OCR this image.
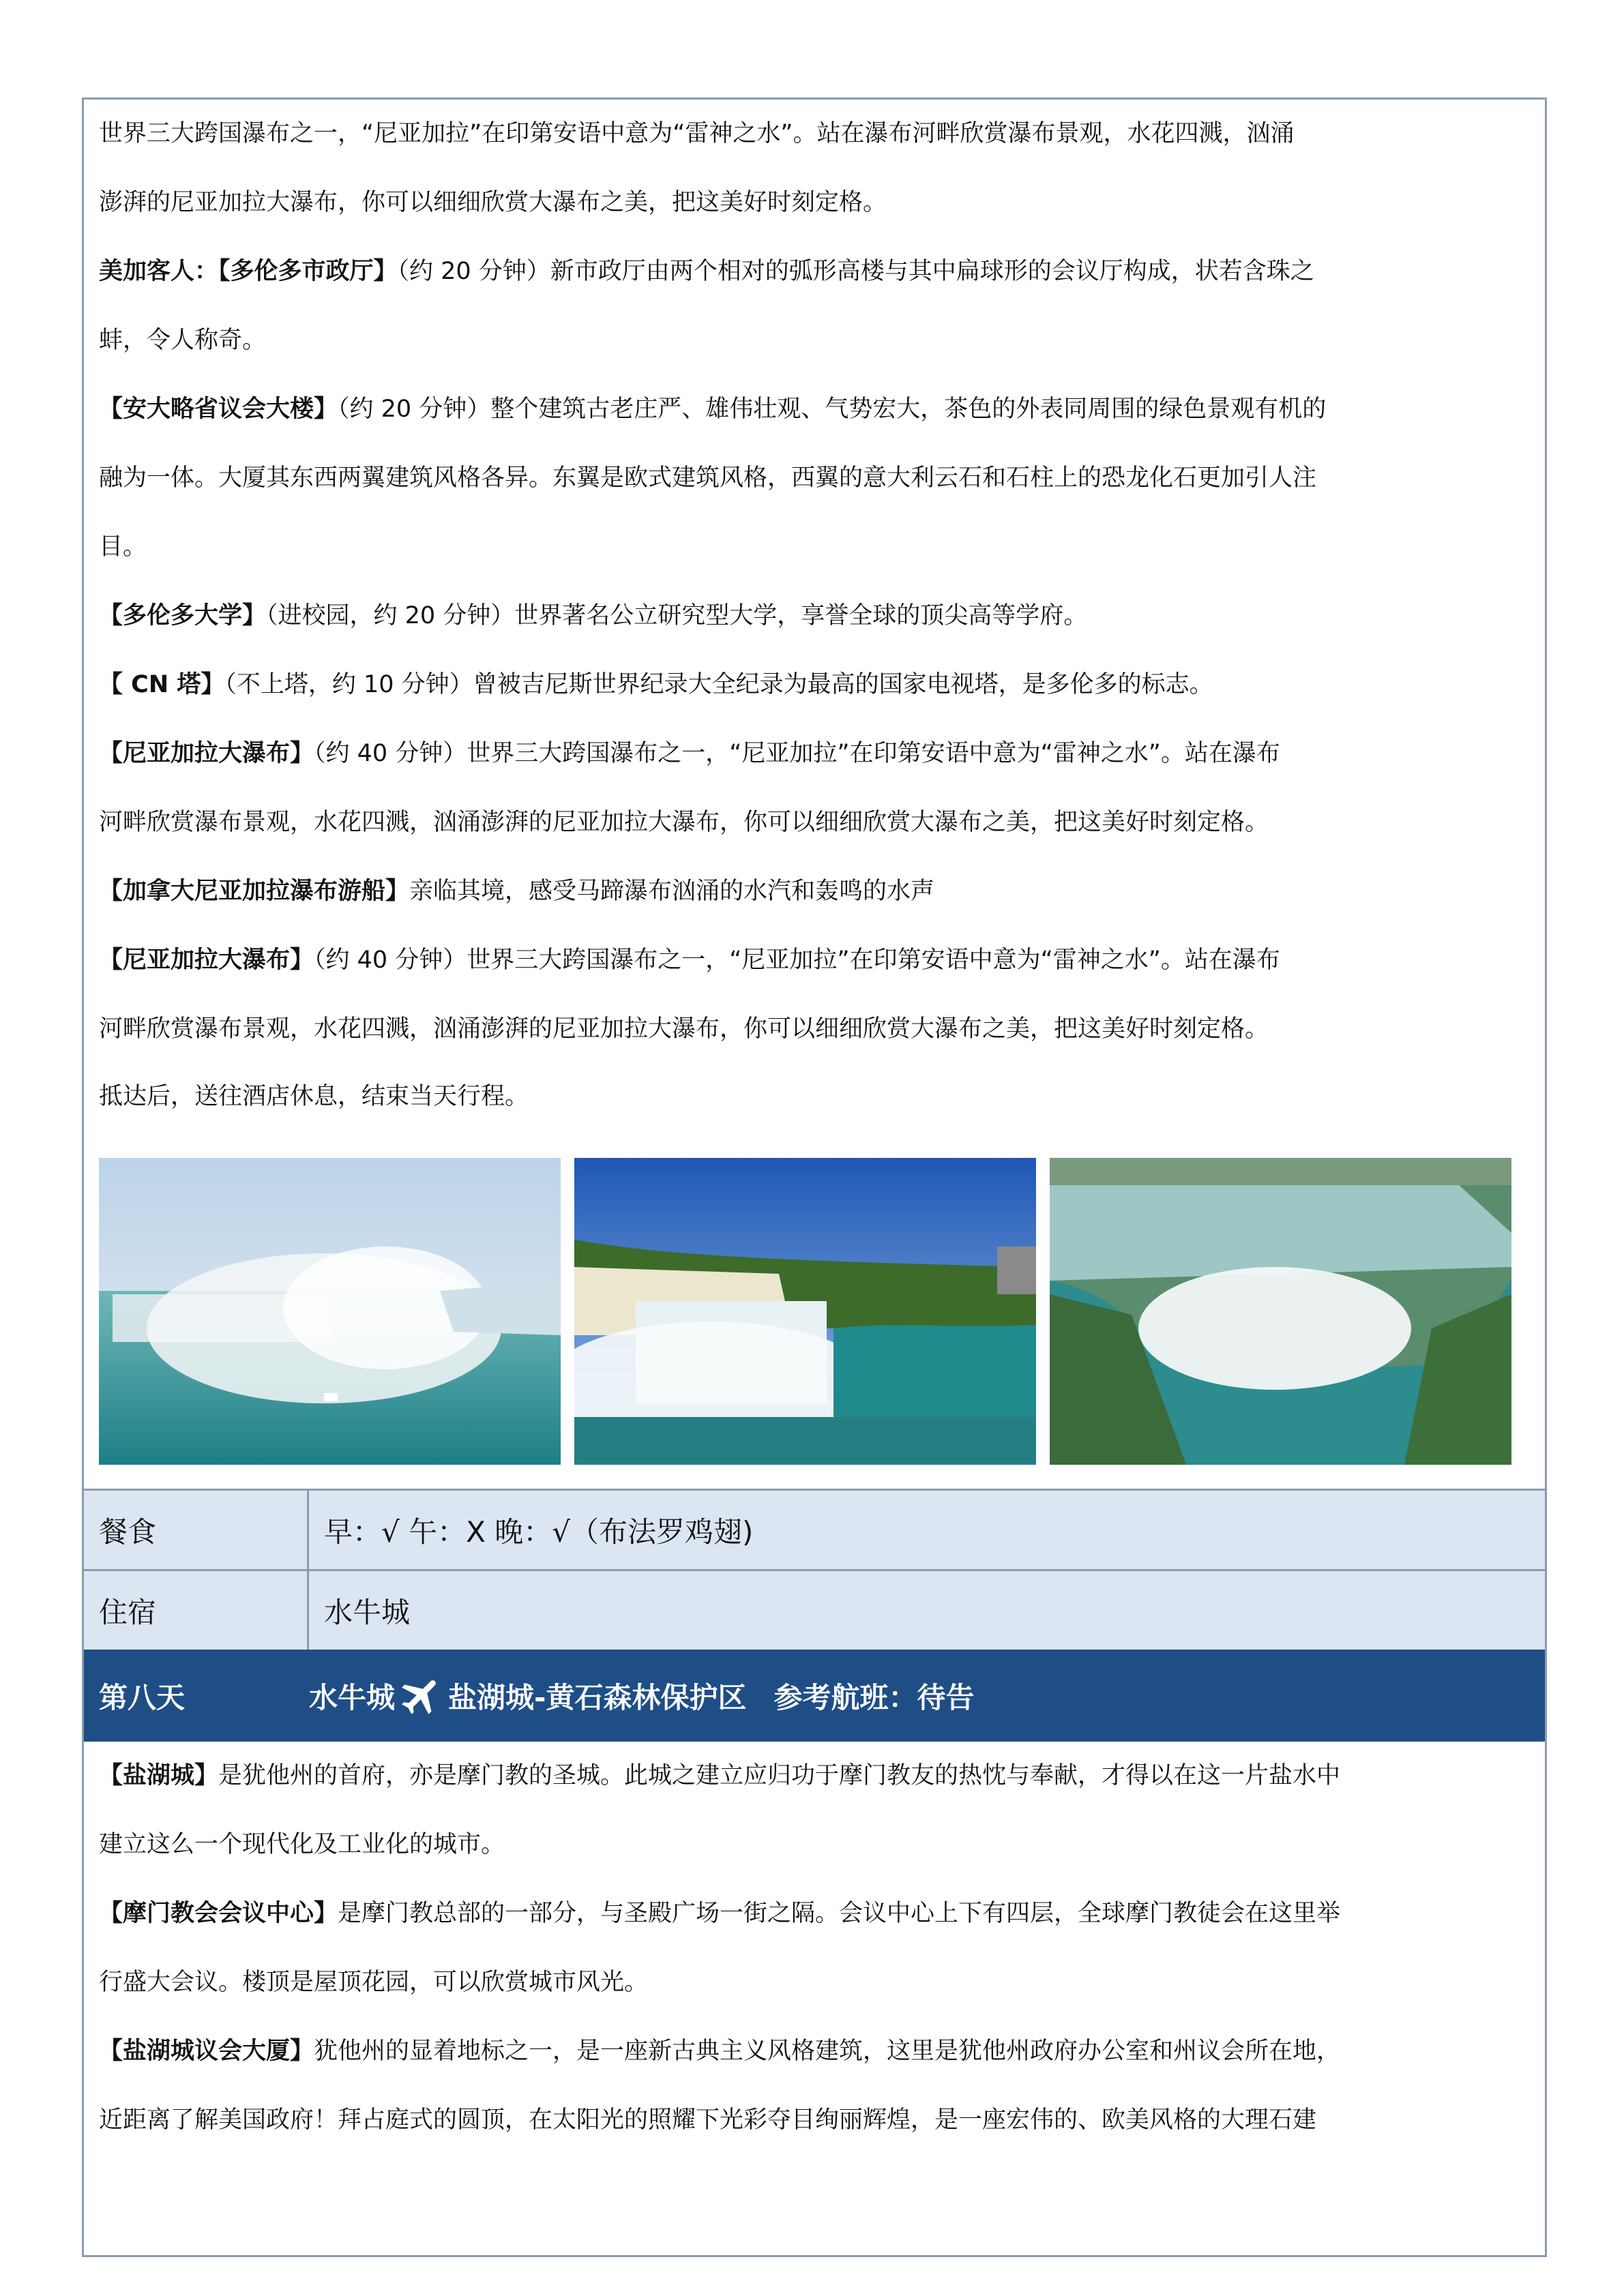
世界三大跨国瀑布之一，“尼亚加拉”在印第安语中意为“雷神之水”。站在瀑布河畔欣赏瀑布景观，水花四溅，汹涌

澎湃的尼亚加拉大瀑布，你可以细细欣赏大瀑布之美，把这美好时刻定格。

美加客人：【多伦多市政厅】（约 20 分钟）新市政厅由两个相对的弧形高楼与其中扁球形的会议厅构成，状若含珠之

蚌，令人称奇。

【安大略省议会大楼】（约 20 分钟）整个建筑古老庄严、雄伟壮观、气势宏大，茶色的外表同周围的绿色景观有机的

融为一体。大厦其东西两翼建筑风格各异。东翼是欧式建筑风格，西翼的意大利云石和石柱上的恐龙化石更加引人注

目。

【多伦多大学】（进校园，约 20 分钟）世界著名公立研究型大学，享誉全球的顶尖高等学府。

【 CN 塔】（不上塔，约 10 分钟）曾被吉尼斯世界纪录大全纪录为最高的国家电视塔，是多伦多的标志。

【尼亚加拉大瀑布】（约 40 分钟）世界三大跨国瀑布之一，“尼亚加拉”在印第安语中意为“雷神之水”。站在瀑布

河畔欣赏瀑布景观，水花四溅，汹涌澎湃的尼亚加拉大瀑布，你可以细细欣赏大瀑布之美，把这美好时刻定格。

【加拿大尼亚加拉瀑布游船】亲临其境，感受马蹄瀑布汹涌的水汽和轰鸣的水声

【尼亚加拉大瀑布】（约 40 分钟）世界三大跨国瀑布之一，“尼亚加拉”在印第安语中意为“雷神之水”。站在瀑布

河畔欣赏瀑布景观，水花四溅，汹涌澎湃的尼亚加拉大瀑布，你可以细细欣赏大瀑布之美，把这美好时刻定格。

抵达后，送往酒店休息，结束当天行程。

餐食	早：√ 午：X 晚：√（布法罗鸡翅)
住宿	水牛城
第八天	水牛城 盐湖城-黄石森林保护区 参考航班：待告

【盐湖城】是犹他州的首府，亦是摩门教的圣城。此城之建立应归功于摩门教友的热忱与奉献，才得以在这一片盐水中

建立这么一个现代化及工业化的城市。

【摩门教会会议中心】是摩门教总部的一部分，与圣殿广场一街之隔。会议中心上下有四层，全球摩门教徒会在这里举

行盛大会议。楼顶是屋顶花园，可以欣赏城市风光。

【盐湖城议会大厦】犹他州的显着地标之一，是一座新古典主义风格建筑，这里是犹他州政府办公室和州议会所在地，

近距离了解美国政府！拜占庭式的圆顶，在太阳光的照耀下光彩夺目绚丽辉煌，是一座宏伟的、欧美风格的大理石建
